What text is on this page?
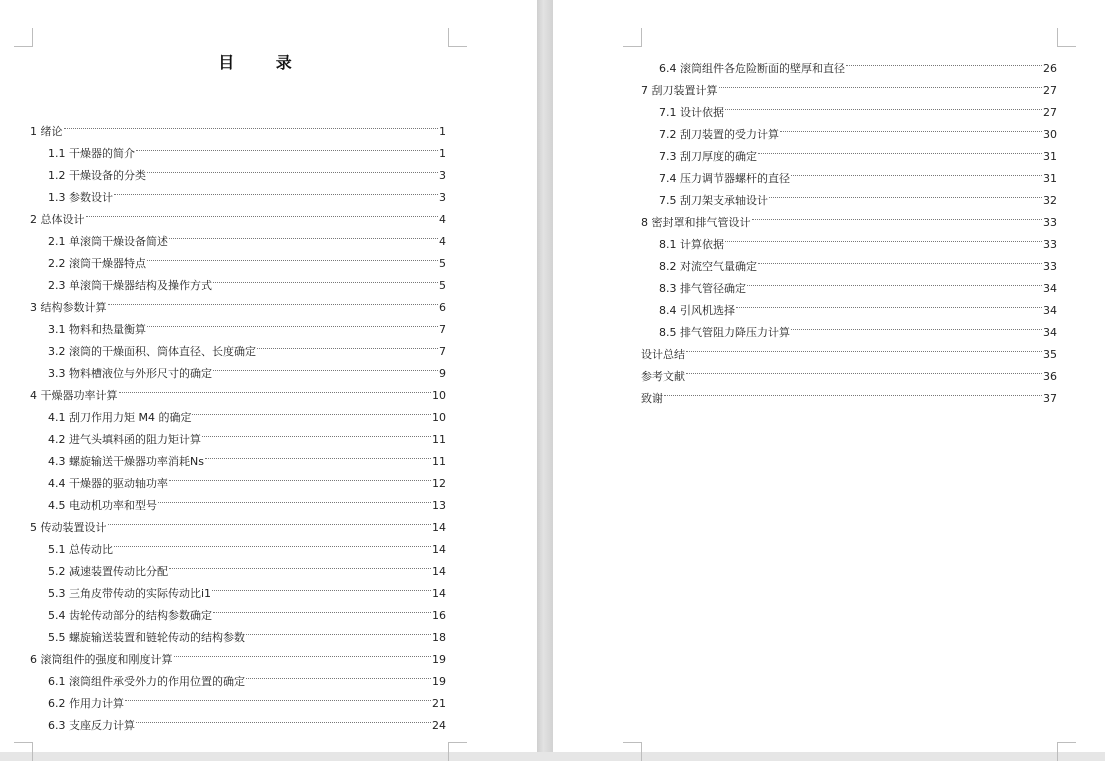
目 录
1 绪论	1
1.1 干燥器的简介	1
1.2 干燥设备的分类	3
1.3 参数设计	3
2 总体设计	4
2.1 单滚筒干燥设备简述	4
2.2 滚筒干燥器特点	5
2.3 单滚筒干燥器结构及操作方式	5
3 结构参数计算	6
3.1 物料和热量衡算	7
3.2 滚筒的干燥面积、筒体直径、长度确定	7
3.3 物料槽液位与外形尺寸的确定	9
4 干燥器功率计算	10
4.1 刮刀作用力矩 M4 的确定	10
4.2 进气头填料函的阻力矩计算	11
4.3 螺旋输送干燥器功率消耗Ns	11
4.4 干燥器的驱动轴功率	12
4.5 电动机功率和型号	13
5 传动装置设计	14
5.1 总传动比	14
5.2 减速装置传动比分配	14
5.3 三角皮带传动的实际传动比i1	14
5.4 齿轮传动部分的结构参数确定	16
5.5 螺旋输送装置和链轮传动的结构参数	18
6 滚筒组件的强度和刚度计算	19
6.1 滚筒组件承受外力的作用位置的确定	19
6.2 作用力计算	21
6.3 支座反力计算	24
6.4 滚筒组件各危险断面的壁厚和直径	26
7 刮刀装置计算	27
7.1 设计依据	27
7.2 刮刀装置的受力计算	30
7.3 刮刀厚度的确定	31
7.4 压力调节器螺杆的直径	31
7.5 刮刀架支承轴设计	32
8 密封罩和排气管设计	33
8.1 计算依据	33
8.2 对流空气量确定	33
8.3 排气管径确定	34
8.4 引风机选择	34
8.5 排气管阻力降压力计算	34
设计总结	35
参考文献	36
致谢	37
